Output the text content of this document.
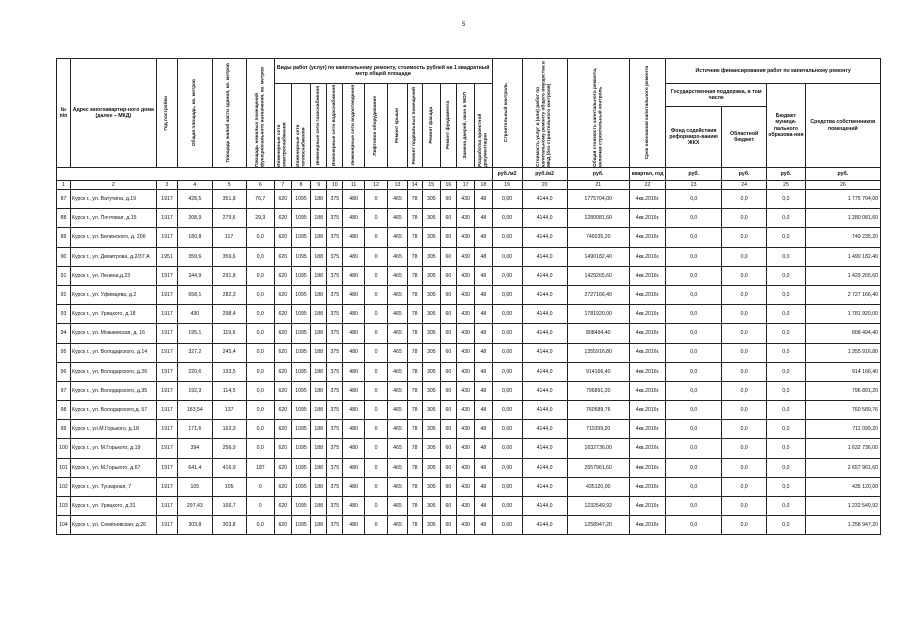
5
№ п/п	Адрес многоквартир-ного дома (далее – МКД)	Год постройки	Общая площадь, кв. метров	Площадь жилой части здания, кв. метров	Площадь нежилых помещений функционального назначения, кв. метров	Виды работ (услуг) по капитальному ремонту, стоимость рублей на 1 квадратный метр общей площади												Строительный контроль	Стоимость услуг и (или) работ по капитальному ремонту общего имущества в МКД (без строительного контроля)	Общая стоимость капитального ремонта, включая строительный контроль	Срок окончания капитального ремонта	Источник финансирования работ по капитальному ремонту			

						Инженерные сети электроснабжения	Инженерные сети теплоснабжения	Инженерные сети газоснабжения	Инженерные сети водоснабжения	Инженерные сети водоотведения	Лифтовое оборудование	Ремонт крыши	Ремонт подвальных помещений	Ремонт фасада	Ремонт фундамента	Замена дверей, окон в МОП	Разработка проектной документации					Государственная поддержка, в том числе		Бюджет муници-пального образова-ния	Средства собственников помещений
																						Фонд содействия реформиро-ванию ЖКХ	Областной бюджет		
																		руб./м2	руб./м2	руб.	квартал, год	руб.	руб.	руб.	руб.
1	2	3	4	5	6	7	8	9	10	11	12	13	14	15	16	17	18	19	20	21	22	23	24	25	26
87	Курск г., ул. Ватутина, д.19	1917	428,5	351,8	76,7	620	1095	188	375	480	0	465	78	305	60	430	48	0,00	4144,0	1775704,00	4кв.2016г.	0,0	0,0	0,0	1 775 704,00
88	Курск г., ул. Почтовая, д.15	1917	308,9	279,6	29,3	620	1095	188	375	480	0	465	78	305	60	430	48	0,00	4144,0	1280081,60	4кв.2016г.	0,0	0,0	0,0	1 280 081,60
89	Курск г., ул. Белинского, д. 20б	1917	180,8	117	0,0	620	1095	188	375	480	0	465	78	305	60	430	48	0,00	4144,0	749235,20	4кв.2016г.	0,0	0,0	0,0	749 235,20
90	Курск г., ул. Димитрова, д.2/37 А	1951	359,6	359,6	0,0	620	1095	188	375	480	0	465	78	305	60	430	48	0,00	4144,0	1490182,40	4кв.2016г.	0,0	0,0	0,0	1 490 182,40
91	Курск г., ул. Ленина,д.23	1917	344,9	291,8	0,0	620	1095	188	375	480	0	465	78	305	60	430	48	0,00	4144,0	1429265,60	4кв.2016г.	0,0	0,0	0,0	1 429 265,60
92	Курск г., ул. Уфимцева, д.2	1917	658,1	282,3	0,0	620	1095	188	375	480	0	465	78	305	60	430	48	0,00	4144,0	2727166,40	4кв.2016г.	0,0	0,0	0,0	2 727 166,40
93	Курск г., ул. Урицкого, д.18	1917	430	298,4	0,0	620	1095	188	375	480	0	465	78	305	60	430	48	0,00	4144,0	1781920,00	4кв.2016г.	0,0	0,0	0,0	1 781 920,00
94	Курск г., ул. Можаевская, д. 16	1917	195,1	119,6	0,0	620	1095	188	375	480	0	465	78	305	60	430	48	0,00	4144,0	808494,40	4кв.2016г.	0,0	0,0	0,0	808 494,40
95	Курск г., ул. Володарского, д.14	1917	327,2	245,4	0,0	620	1095	188	375	480	0	465	78	305	60	430	48	0,00	4144,0	1355916,80	4кв.2016г.	0,0	0,0	0,0	1 355 916,80
96	Курск г., ул. Володарского, д.26	1917	220,6	133,5	0,0	620	1095	188	375	480	0	465	78	305	60	430	48	0,00	4144,0	914166,40	4кв.2016г.	0,0	0,0	0,0	914 166,40
97	Курск г., ул. Володарского, д.35	1917	192,3	114,5	0,0	620	1095	188	375	480	0	465	78	305	60	430	48	0,00	4144,0	796891,20	4кв.2016г.	0,0	0,0	0,0	796 891,20
98	Курск г., ул. Володарского,д. 57	1917	183,54	137	0,0	620	1095	188	375	480	0	465	78	305	60	430	48	0,00	4144,0	760589,76	4кв.2016г.	0,0	0,0	0,0	760 589,76
99	Курск г., ул.М.Горького, д.18	1917	171,6	162,3	0,0	620	1095	188	375	480	0	465	78	305	60	430	48	0,00	4144,0	711099,20	4кв.2016г.	0,0	0,0	0,0	711 099,20
100	Курск г., ул. М.Горького, д.19	1917	394	256,9	0,0	620	1095	188	375	480	0	465	78	305	60	430	48	0,00	4144,0	1632736,00	4кв.2016г.	0,0	0,0	0,0	1 632 736,00
101	Курск г., ул. М.Горького, д.67	1917	641,4	416,9	187	620	1095	188	375	480	0	465	78	305	60	430	48	0,00	4144,0	2657961,60	4кв.2016г.	0,0	0,0	0,0	2 657 961,60
102	Курск г., ул. Тускарная, 7	1917	105	105	0	620	1095	188	375	480	0	465	78	305	60	430	48	0,00	4144,0	435120,00	4кв.2016г.	0,0	0,0	0,0	435 120,00
103	Курск г., ул. Урицкого, д.31	1917	297,43	166,7	0	620	1095	188	375	480	0	465	78	305	60	430	48	0,00	4144,0	1232549,92	4кв.2016г.	0,0	0,0	0,0	1 232 549,92
104	Курск г., ул. Семёновская, д.26	1917	303,8	303,8	0,0	620	1095	188	375	480	0	465	78	305	60	430	48	0,00	4144,0	1258947,20	4кв.2016г.	0,0	0,0	0,0	1 258 947,20
